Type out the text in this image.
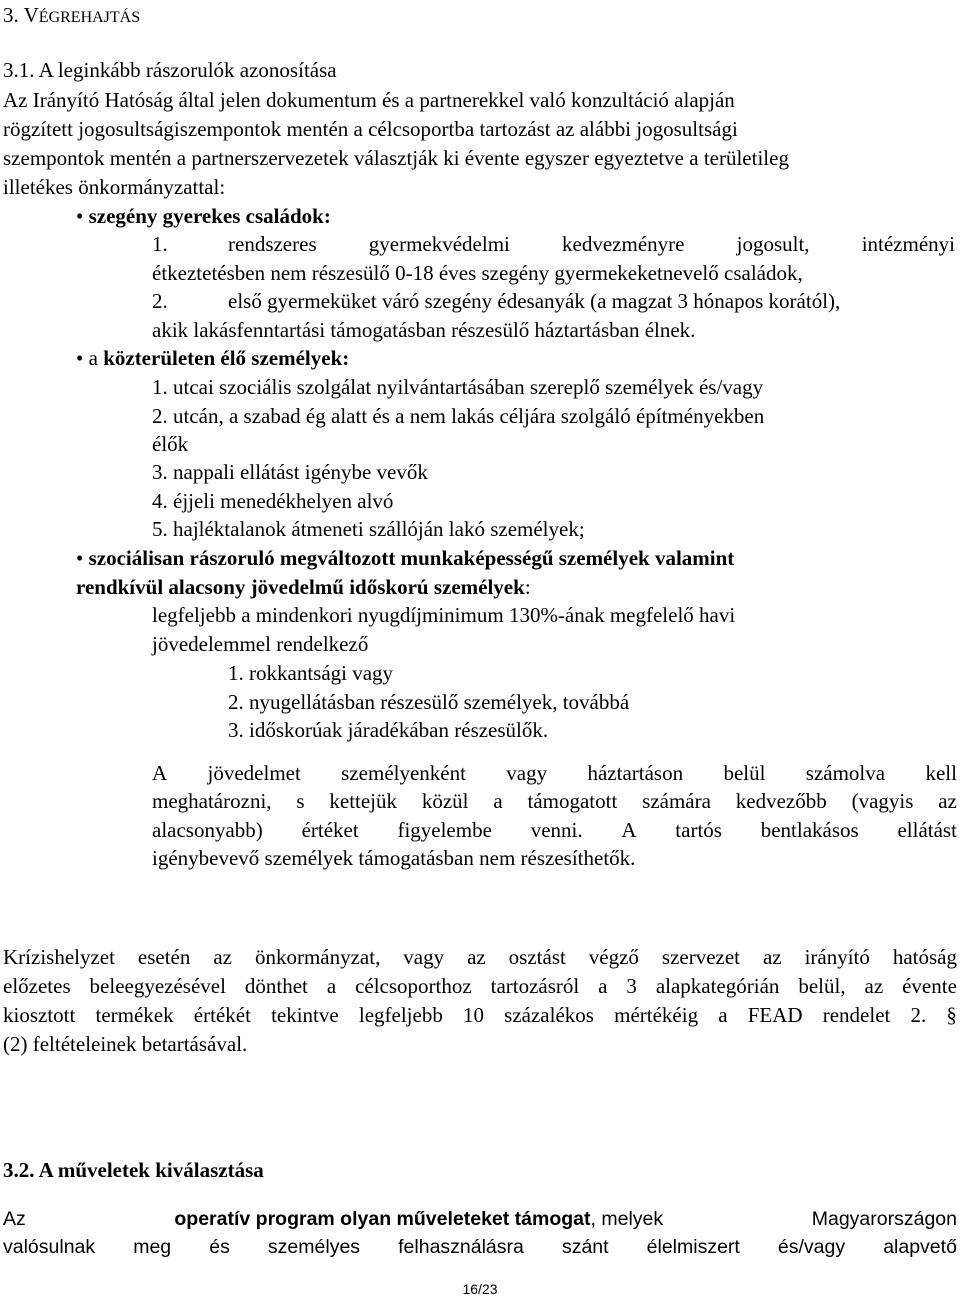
3. VÉGREHAJTÁS
3.1. A leginkább rászorulók azonosítása
Az Irányító Hatóság által jelen dokumentum és a partnerekkel való konzultáció alapján
rögzített jogosultságiszempontok mentén a célcsoportba tartozást az alábbi jogosultsági
szempontok mentén a partnerszervezetek választják ki évente egyszer egyeztetve a területileg
illetékes önkormányzattal:
• szegény gyerekes családok:
1.	rendszeres gyermekvédelmi kedvezményre jogosult, intézményi
étkeztetésben nem részesülő 0-18 éves szegény gyermekeketnevelő családok,
2.	első gyermeküket váró szegény édesanyák (a magzat 3 hónapos korától),
akik lakásfenntartási támogatásban részesülő háztartásban élnek.
• a közterületen élő személyek:
1. utcai szociális szolgálat nyilvántartásában szereplő személyek és/vagy
2. utcán, a szabad ég alatt és a nem lakás céljára szolgáló építményekben
élők
3. nappali ellátást igénybe vevők
4. éjjeli menedékhelyen alvó
5. hajléktalanok átmeneti szállóján lakó személyek;
• szociálisan rászoruló megváltozott munkaképességű személyek valamint
rendkívül alacsony jövedelmű időskorú személyek:
legfeljebb a mindenkori nyugdíjminimum 130%-ának megfelelő havi
jövedelemmel rendelkező
1. rokkantsági vagy
2. nyugellátásban részesülő személyek, továbbá
3. időskorúak járadékában részesülők.
A jövedelmet személyenként vagy háztartáson belül számolva kell
meghatározni, s kettejük közül a támogatott számára kedvezőbb (vagyis az
alacsonyabb) értéket figyelembe venni. A tartós bentlakásos ellátást
igénybevevő személyek támogatásban nem részesíthetők.
Krízishelyzet esetén az önkormányzat, vagy az osztást végző szervezet az irányító hatóság
előzetes beleegyezésével dönthet a célcsoporthoz tartozásról a 3 alapkategórián belül, az évente
kiosztott termékek értékét tekintve legfeljebb 10 százalékos mértékéig a FEAD rendelet 2. §
(2) feltételeinek betartásával.
3.2. A műveletek kiválasztása
Az	operatív program olyan műveleteket támogat, melyek	Magyarországon
valósulnak meg és személyes felhasználásra szánt élelmiszert és/vagy alapvető
16/23
